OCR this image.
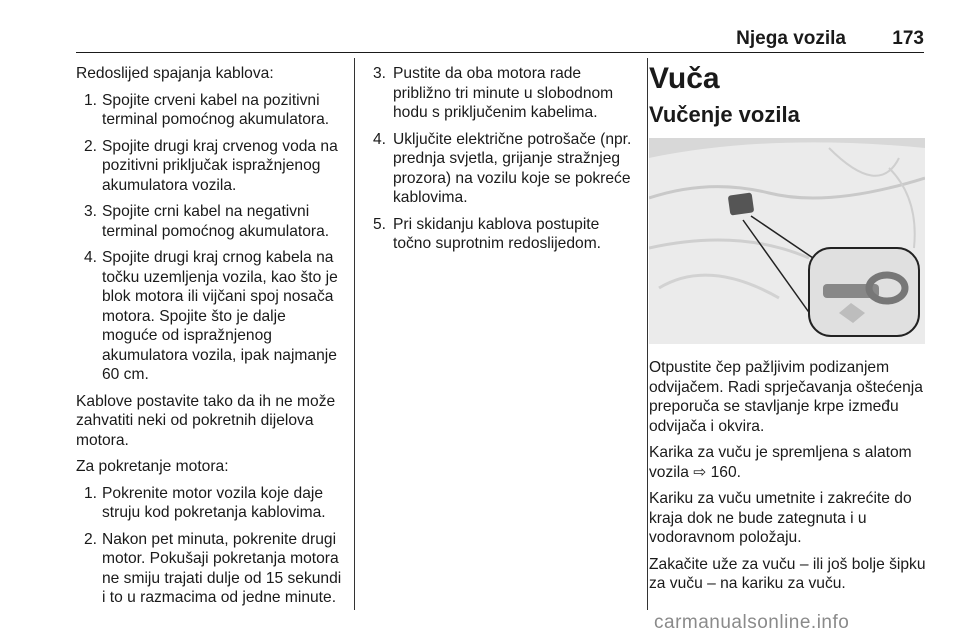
Njega vozila 173

Redoslijed spajanja kablova:

1. Spojite crveni kabel na pozitivni terminal pomoćnog akumulatora.
2. Spojite drugi kraj crvenog voda na pozitivni priključak ispražnjenog akumulatora vozila.
3. Spojite crni kabel na negativni terminal pomoćnog akumulatora.
4. Spojite drugi kraj crnog kabela na točku uzemljenja vozila, kao što je blok motora ili vijčani spoj nosača motora. Spojite što je dalje moguće od ispražnjenog akumulatora vozila, ipak najmanje 60 cm.

Kablove postavite tako da ih ne može zahvatiti neki od pokretnih dijelova motora.

Za pokretanje motora:

1. Pokrenite motor vozila koje daje struju kod pokretanja kablovima.
2. Nakon pet minuta, pokrenite drugi motor. Pokušaji pokretanja motora ne smiju trajati dulje od 15 sekundi i to u razmacima od jedne minute.
3. Pustite da oba motora rade približno tri minute u slobodnom hodu s priključenim kabelima.
4. Uključite električne potrošače (npr. prednja svjetla, grijanje stražnjeg prozora) na vozilu koje se pokreće kablovima.
5. Pri skidanju kablova postupite točno suprotnim redoslijedom.
Vuča
Vučenje vozila

Otpustite čep pažljivim podizanjem odvijačem. Radi sprječavanja oštećenja preporuča se stavljanje krpe između odvijača i okvira.

Karika za vuču je spremljena s alatom vozila ⇨ 160.

Kariku za vuču umetnite i zakrećite do kraja dok ne bude zategnuta i u vodoravnom položaju.

Zakačite uže za vuču – ili još bolje šipku za vuču – na kariku za vuču.

carmanualsonline.info
